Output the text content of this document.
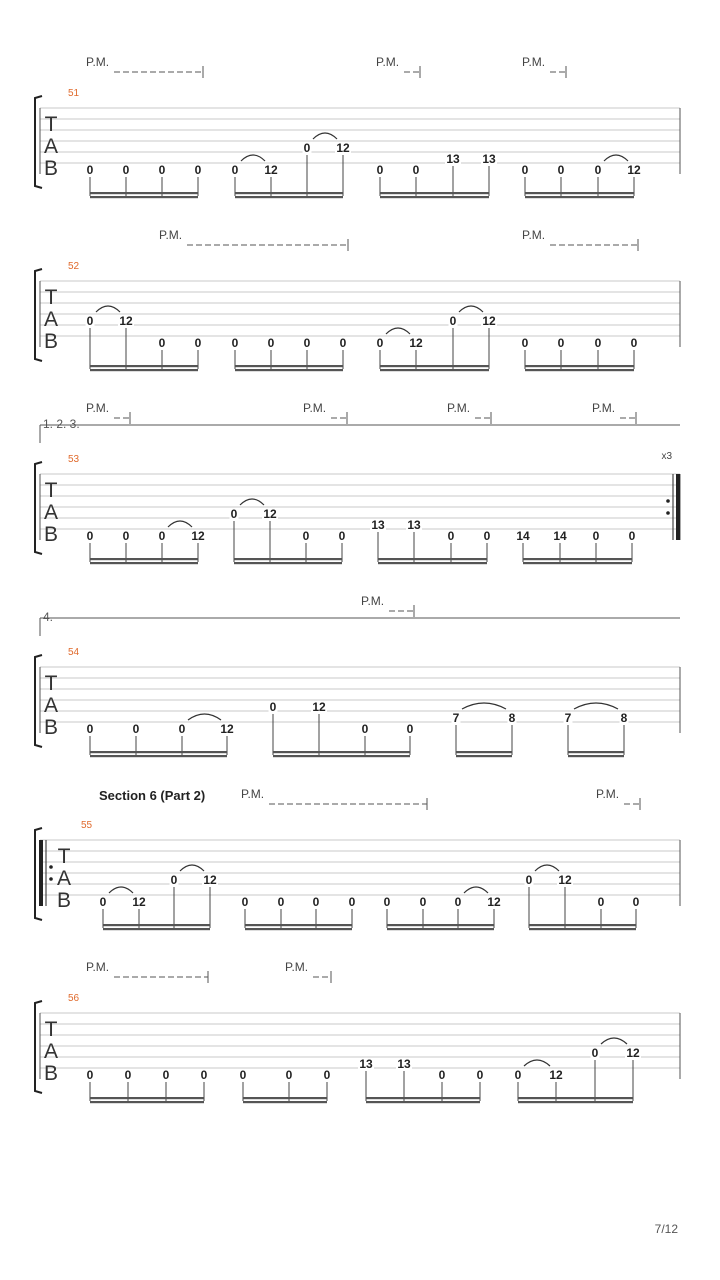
T
A
B
51
P.M.	P.M.	P.M.
0 0 0 0	0 12
0 12
0 0
13 13
0 0	0 12
T
A
B
52
P.M.	P.M.
0 12
0 0	0 0 0 0	0 12
0 12
0 0	0 0
x3
T
A
B
53
1. 2. 3.
P.M.	P.M.	P.M.	P.M.
0 0 0 12
0 12
0 0
13 13
0 0 14 14 0 0
T
A
B
54
4.
P.M.
0	0	0	12
0	12
0	0
7	8	7	8
T
A
B
55
Section 6 (Part 2)	P.M.	P.M.
0 12
0 12
0 0 0 0 0 0 0 12
0 12
0 0
T
A
B
56
P.M.	P.M.
0	0	0	0	0	0	0
13 13
0	0	0 12
0 12
7/12
